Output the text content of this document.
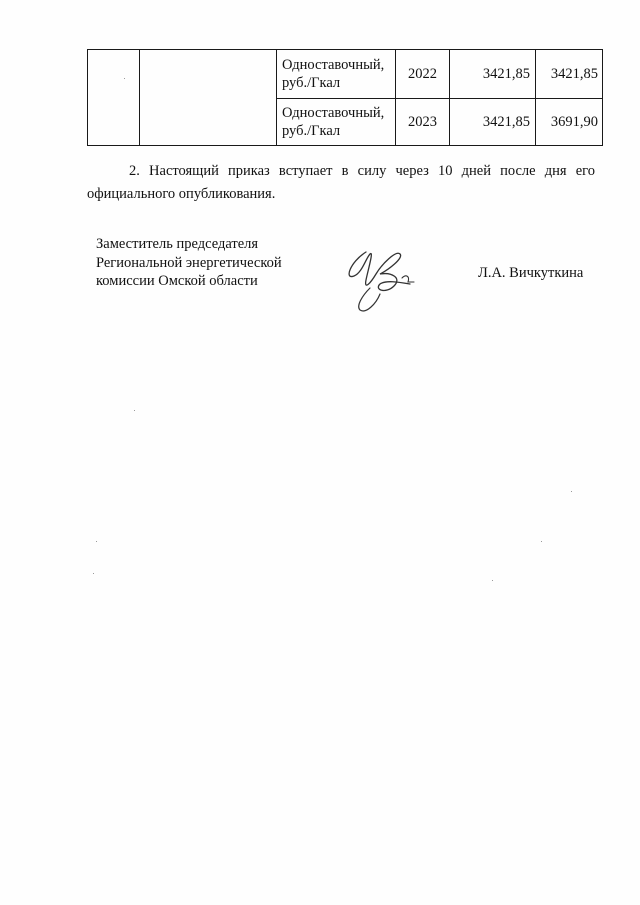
		Одноставочный,
руб./Гкал	2022	3421,85	3421,85

		Одноставочный,
руб./Гкал	2023	3421,85	3691,90
2. Настоящий приказ вступает в силу через 10 дней после дня его
официального опубликования.
Заместитель председателя
Региональной энергетической
комиссии Омской области	Л.А. Вичкуткина
